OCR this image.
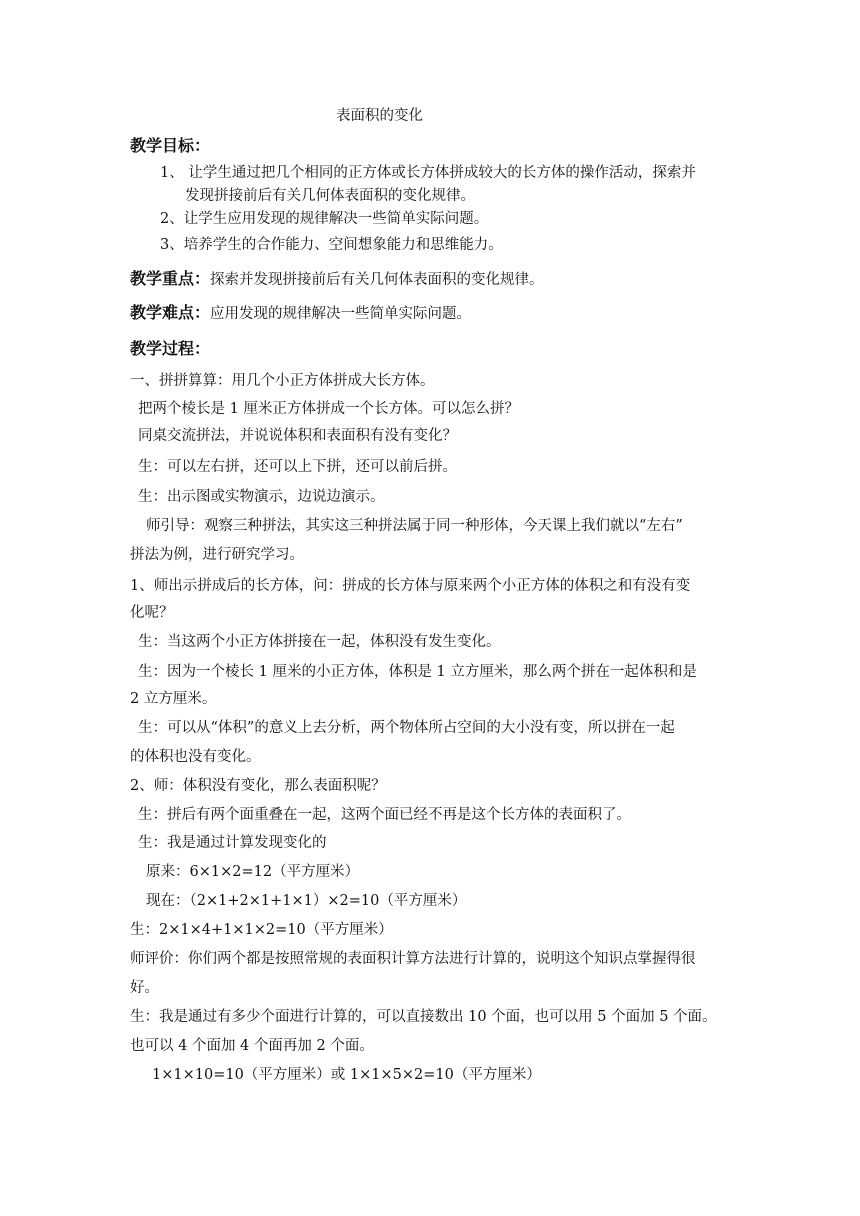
表面积的变化
教学目标：
1、 让学生通过把几个相同的正方体或长方体拼成较大的长方体的操作活动，探索并
发现拼接前后有关几何体表面积的变化规律。
2、让学生应用发现的规律解决一些简单实际问题。
3、培养学生的合作能力、空间想象能力和思维能力。
教学重点：探索并发现拼接前后有关几何体表面积的变化规律。
教学难点：应用发现的规律解决一些简单实际问题。
教学过程：
一、拼拼算算：用几个小正方体拼成大长方体。
把两个棱长是 1 厘米正方体拼成一个长方体。可以怎么拼？
同桌交流拼法，并说说体积和表面积有没有变化？
生：可以左右拼，还可以上下拼，还可以前后拼。
生：出示图或实物演示，边说边演示。
师引导：观察三种拼法，其实这三种拼法属于同一种形体，今天课上我们就以“左右”
拼法为例，进行研究学习。
1、师出示拼成后的长方体，问：拼成的长方体与原来两个小正方体的体积之和有没有变
化呢？
生：当这两个小正方体拼接在一起，体积没有发生变化。
生：因为一个棱长 1 厘米的小正方体，体积是 1 立方厘米，那么两个拼在一起体积和是
2 立方厘米。
生：可以从“体积”的意义上去分析，两个物体所占空间的大小没有变，所以拼在一起
的体积也没有变化。
2、师：体积没有变化，那么表面积呢？
生：拼后有两个面重叠在一起，这两个面已经不再是这个长方体的表面积了。
生：我是通过计算发现变化的
原来：6×1×2=12（平方厘米）
现在：（2×1+2×1+1×1）×2=10（平方厘米）
生：2×1×4+1×1×2=10（平方厘米）
师评价：你们两个都是按照常规的表面积计算方法进行计算的，说明这个知识点掌握得很
好。
生：我是通过有多少个面进行计算的，可以直接数出 10 个面，也可以用 5 个面加 5 个面。
也可以 4 个面加 4 个面再加 2 个面。
1×1×10=10（平方厘米）或 1×1×5×2=10（平方厘米）
